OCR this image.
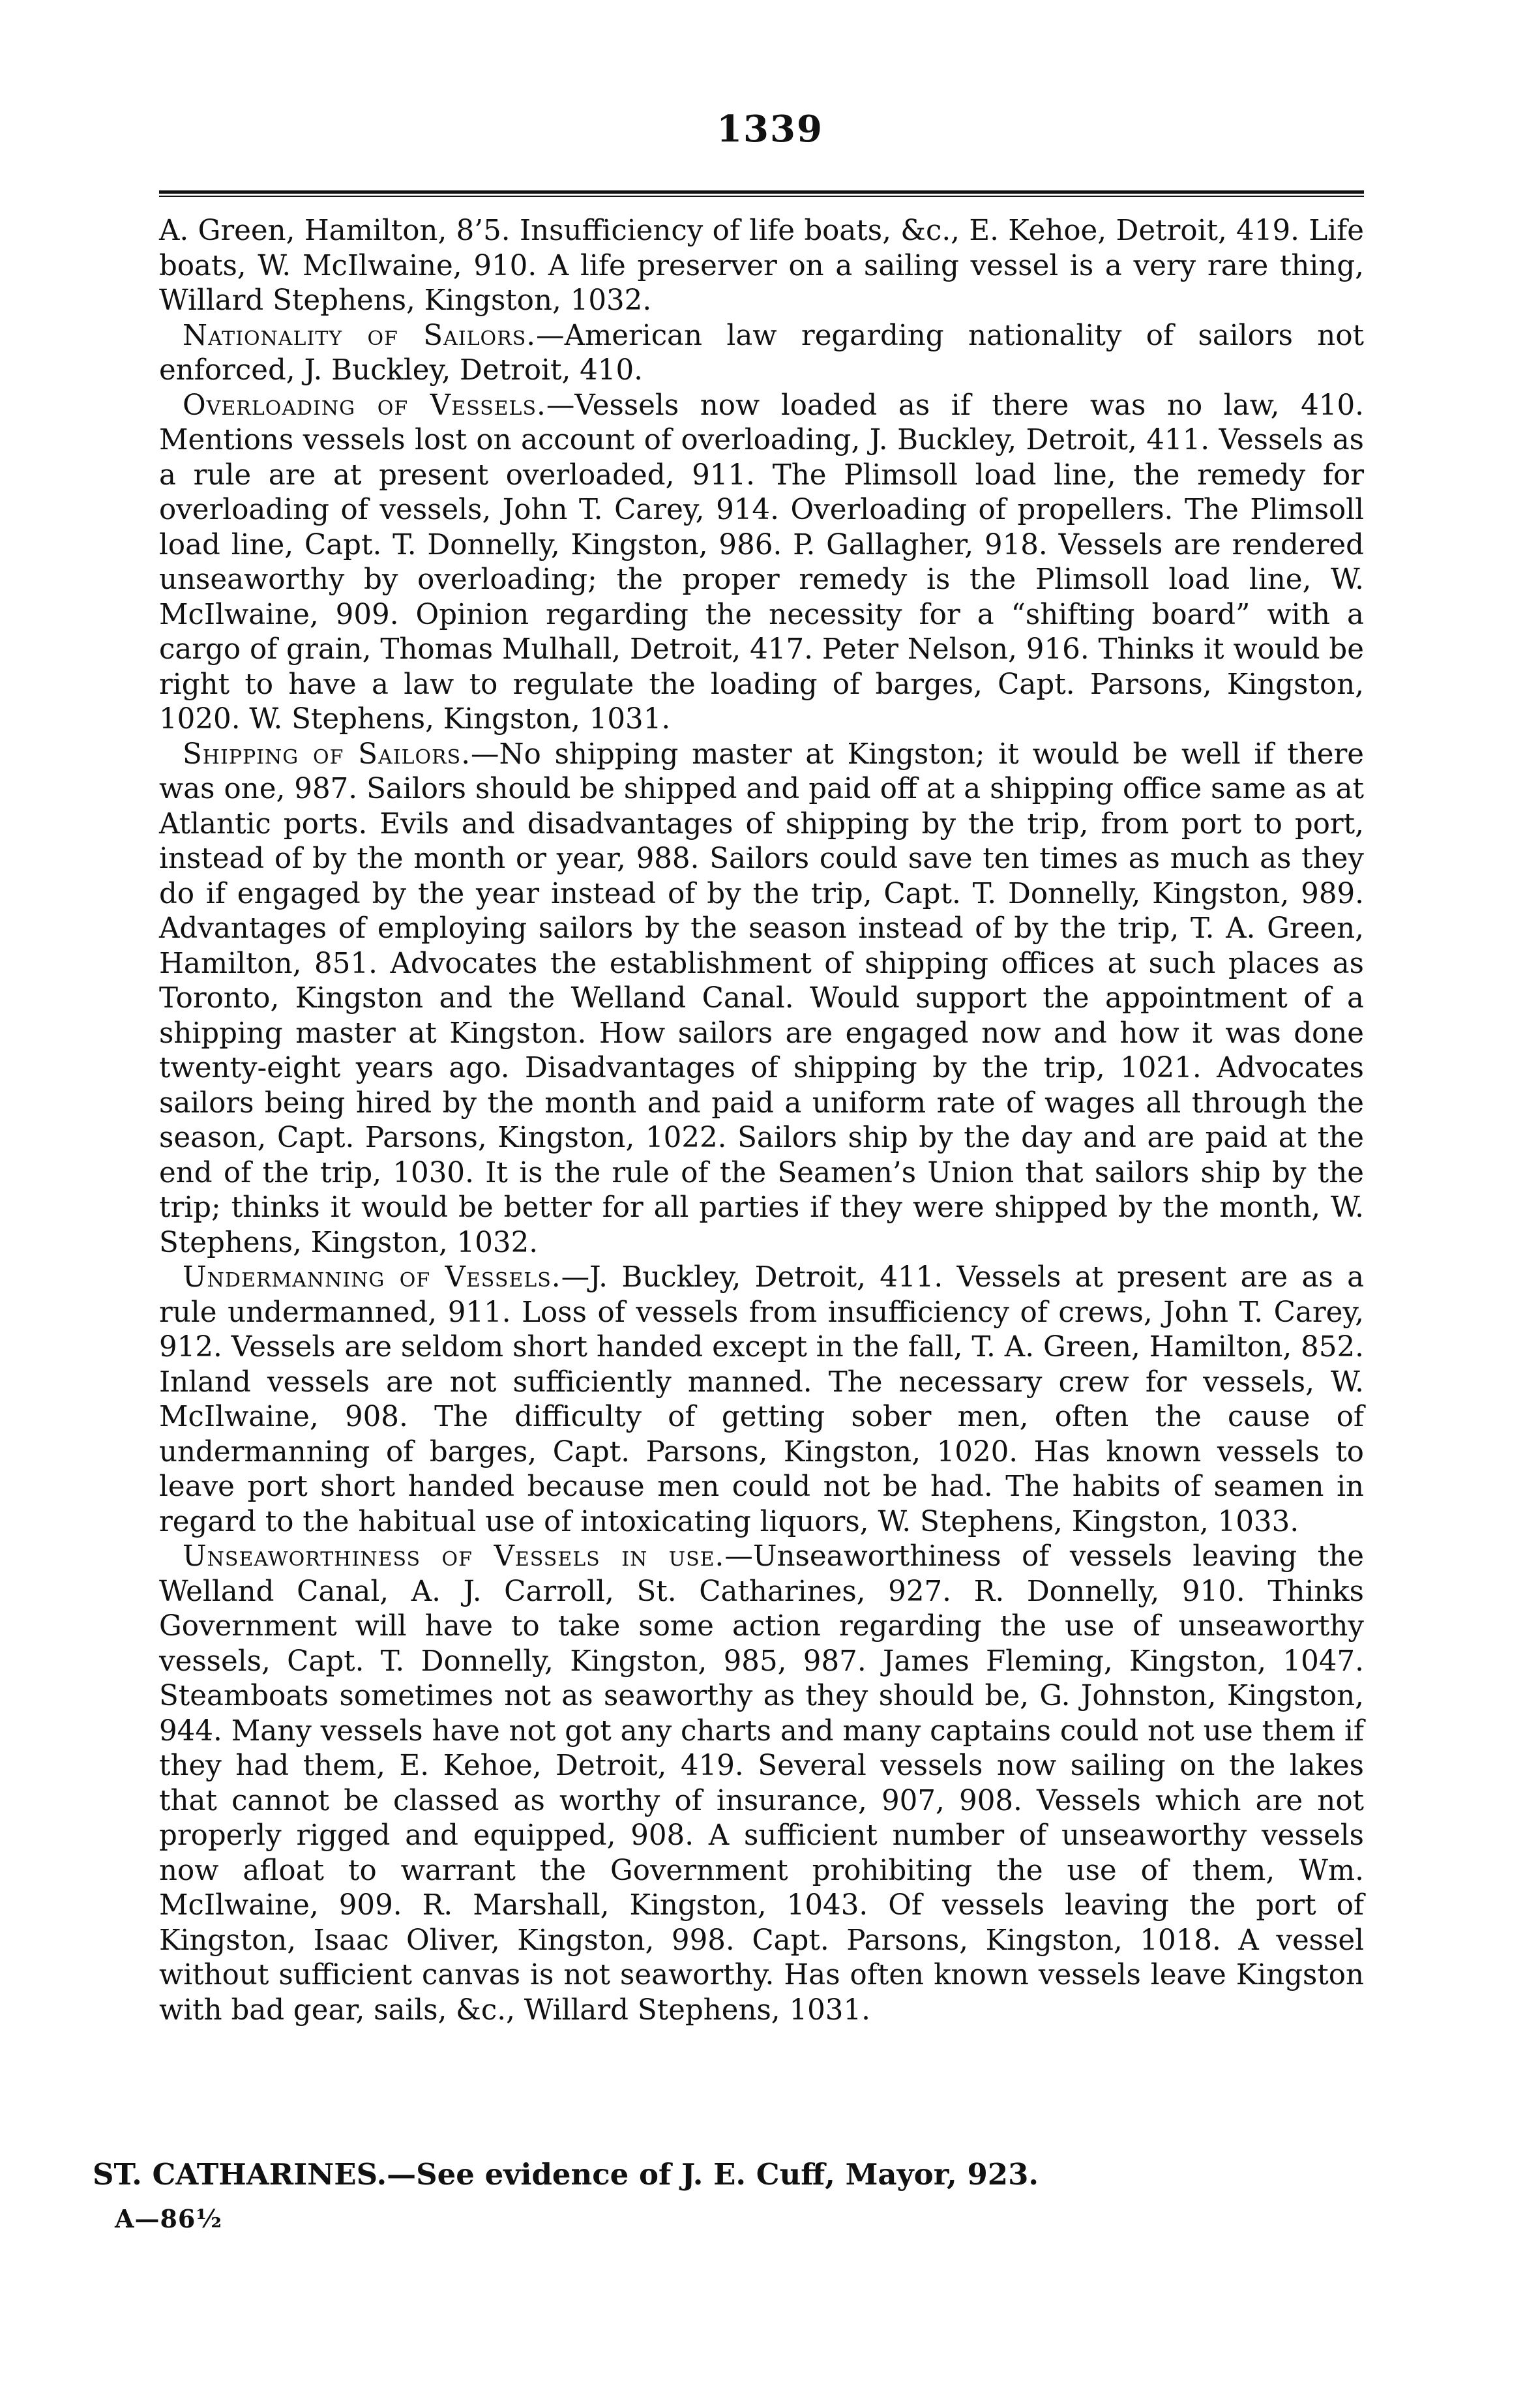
1339

A. Green, Hamilton, 8’5. Insufficiency of life boats, &c., E. Kehoe, Detroit, 419. Life boats, W. McIlwaine, 910. A life preserver on a sailing vessel is a very rare thing, Willard Stephens, Kingston, 1032.

Nationality of Sailors.—American law regarding nationality of sailors not enforced, J. Buckley, Detroit, 410.

Overloading of Vessels.—Vessels now loaded as if there was no law, 410. Mentions vessels lost on account of overloading, J. Buckley, Detroit, 411. Vessels as a rule are at present overloaded, 911. The Plimsoll load line, the remedy for overloading of vessels, John T. Carey, 914. Overloading of propellers. The Plimsoll load line, Capt. T. Donnelly, Kingston, 986. P. Gallagher, 918. Vessels are rendered unseaworthy by overloading; the proper remedy is the Plimsoll load line, W. McIlwaine, 909. Opinion regarding the necessity for a “shifting board” with a cargo of grain, Thomas Mulhall, Detroit, 417. Peter Nelson, 916. Thinks it would be right to have a law to regulate the loading of barges, Capt. Parsons, Kingston, 1020. W. Stephens, Kingston, 1031.

Shipping of Sailors.—No shipping master at Kingston; it would be well if there was one, 987. Sailors should be shipped and paid off at a shipping office same as at Atlantic ports. Evils and disadvantages of shipping by the trip, from port to port, instead of by the month or year, 988. Sailors could save ten times as much as they do if engaged by the year instead of by the trip, Capt. T. Donnelly, Kingston, 989. Advantages of employing sailors by the season instead of by the trip, T. A. Green, Hamilton, 851. Advocates the establishment of shipping offices at such places as Toronto, Kingston and the Welland Canal. Would support the appointment of a shipping master at Kingston. How sailors are engaged now and how it was done twenty-eight years ago. Disadvantages of shipping by the trip, 1021. Advocates sailors being hired by the month and paid a uniform rate of wages all through the season, Capt. Parsons, Kingston, 1022. Sailors ship by the day and are paid at the end of the trip, 1030. It is the rule of the Seamen’s Union that sailors ship by the trip; thinks it would be better for all parties if they were shipped by the month, W. Stephens, Kingston, 1032.

Undermanning of Vessels.—J. Buckley, Detroit, 411. Vessels at present are as a rule undermanned, 911. Loss of vessels from insufficiency of crews, John T. Carey, 912. Vessels are seldom short handed except in the fall, T. A. Green, Hamilton, 852. Inland vessels are not sufficiently manned. The necessary crew for vessels, W. McIlwaine, 908. The difficulty of getting sober men, often the cause of undermanning of barges, Capt. Parsons, Kingston, 1020. Has known vessels to leave port short handed because men could not be had. The habits of seamen in regard to the habitual use of intoxicating liquors, W. Stephens, Kingston, 1033.

Unseaworthiness of Vessels in use.—Unseaworthiness of vessels leaving the Welland Canal, A. J. Carroll, St. Catharines, 927. R. Donnelly, 910. Thinks Government will have to take some action regarding the use of unseaworthy vessels, Capt. T. Donnelly, Kingston, 985, 987. James Fleming, Kingston, 1047. Steamboats sometimes not as seaworthy as they should be, G. Johnston, Kingston, 944. Many vessels have not got any charts and many captains could not use them if they had them, E. Kehoe, Detroit, 419. Several vessels now sailing on the lakes that cannot be classed as worthy of insurance, 907, 908. Vessels which are not properly rigged and equipped, 908. A sufficient number of unseaworthy vessels now afloat to warrant the Government prohibiting the use of them, Wm. McIlwaine, 909. R. Marshall, Kingston, 1043. Of vessels leaving the port of Kingston, Isaac Oliver, Kingston, 998. Capt. Parsons, Kingston, 1018. A vessel without sufficient canvas is not seaworthy. Has often known vessels leave Kingston with bad gear, sails, &c., Willard Stephens, 1031.

ST. CATHARINES.—See evidence of J. E. Cuff, Mayor, 923.
A—86½
